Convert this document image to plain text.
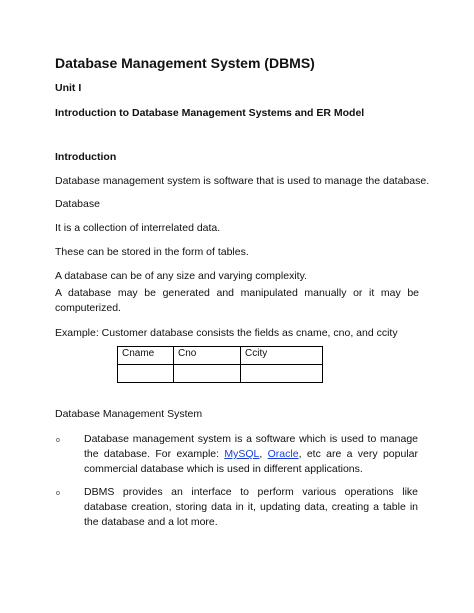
Database Management System (DBMS)

Unit I

Introduction to Database Management Systems and ER Model

Introduction

Database management system is software that is used to manage the database.

Database

It is a collection of interrelated data.

These can be stored in the form of tables.

A database can be of any size and varying complexity.

A database may be generated and manipulated manually or it may be computerized.

Example: Customer database consists the fields as cname, cno, and ccity

Cname	Cno	Ccity

Database Management System

o Database management system is a software which is used to manage the database. For example: MySQL, Oracle, etc are a very popular commercial database which is used in different applications.

o DBMS provides an interface to perform various operations like database creation, storing data in it, updating data, creating a table in the database and a lot more.
